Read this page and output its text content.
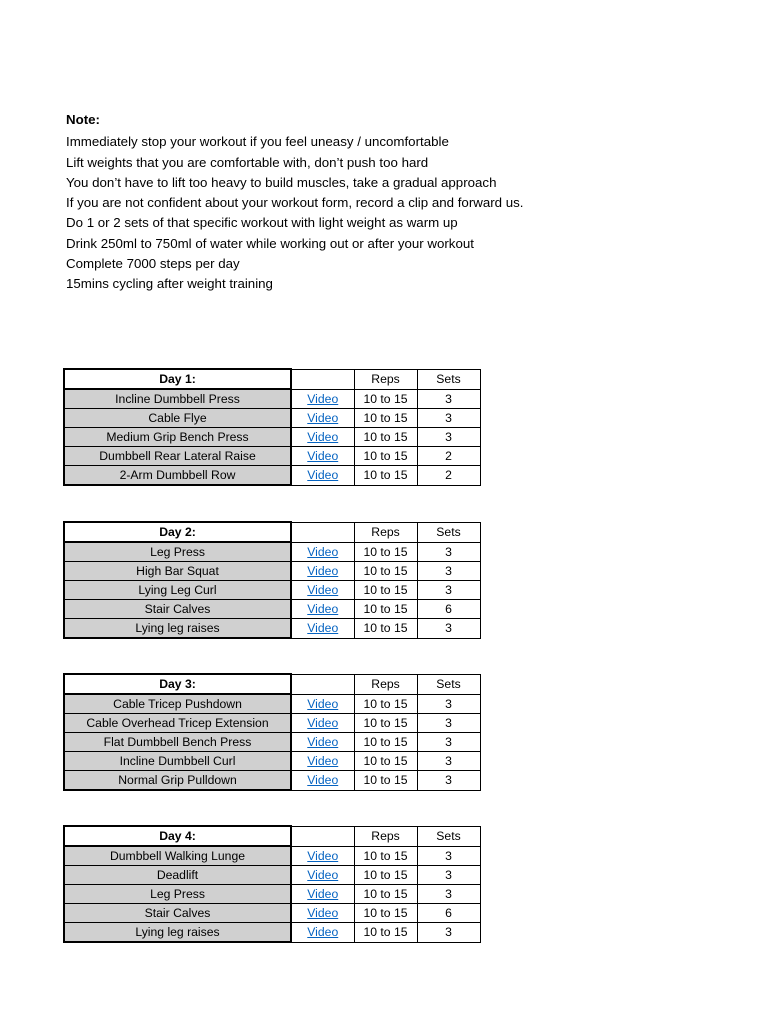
Note:
Immediately stop your workout if you feel uneasy / uncomfortable
Lift weights that you are comfortable with, don’t push too hard
You don’t have to lift too heavy to build muscles, take a gradual approach
If you are not confident about your workout form, record a clip and forward us.
Do 1 or 2 sets of that specific workout with light weight as warm up
Drink 250ml to 750ml of water while working out or after your workout
Complete 7000 steps per day
15mins cycling after weight training
Day 1:		Reps	Sets
Incline Dumbbell Press	Video	10 to 15	3
Cable Flye	Video	10 to 15	3
Medium Grip Bench Press	Video	10 to 15	3
Dumbbell Rear Lateral Raise	Video	10 to 15	2
2-Arm Dumbbell Row	Video	10 to 15	2
Day 2:		Reps	Sets
Leg Press	Video	10 to 15	3
High Bar Squat	Video	10 to 15	3
Lying Leg Curl	Video	10 to 15	3
Stair Calves	Video	10 to 15	6
Lying leg raises	Video	10 to 15	3
Day 3:		Reps	Sets
Cable Tricep Pushdown	Video	10 to 15	3
Cable Overhead Tricep Extension	Video	10 to 15	3
Flat Dumbbell Bench Press	Video	10 to 15	3
Incline Dumbbell Curl	Video	10 to 15	3
Normal Grip Pulldown	Video	10 to 15	3
Day 4:		Reps	Sets
Dumbbell Walking Lunge	Video	10 to 15	3
Deadlift	Video	10 to 15	3
Leg Press	Video	10 to 15	3
Stair Calves	Video	10 to 15	6
Lying leg raises	Video	10 to 15	3
